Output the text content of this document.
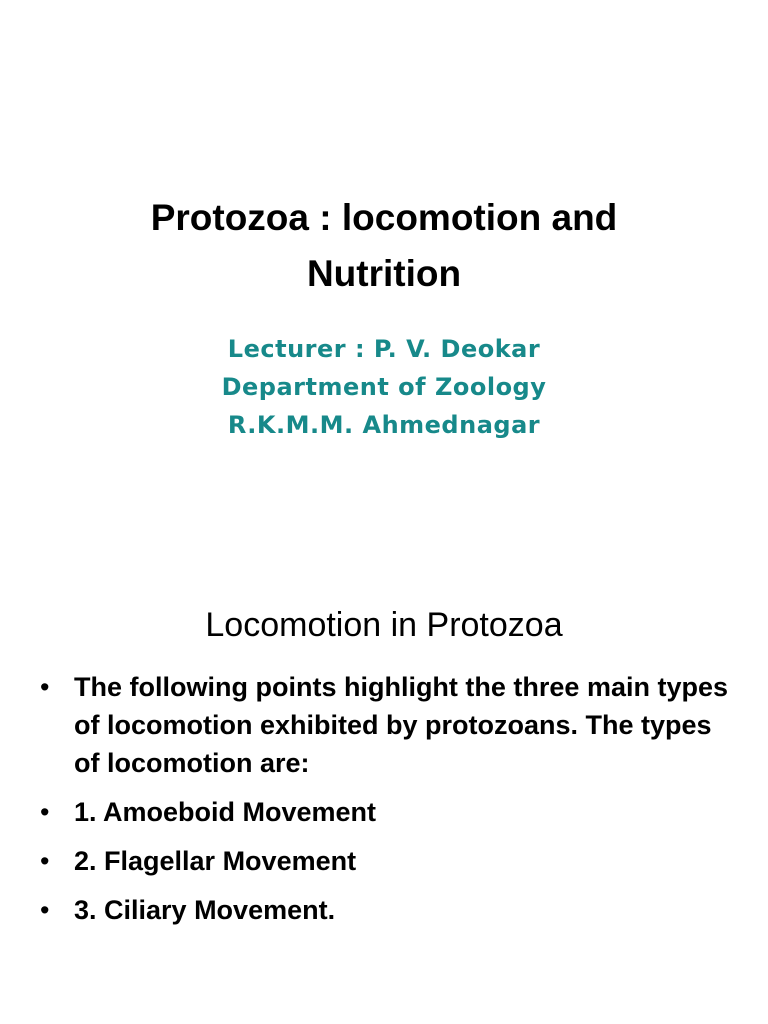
Protozoa : locomotion and
Nutrition
Lecturer : P. V. Deokar
Department of Zoology
R.K.M.M. Ahmednagar
Locomotion in Protozoa
• The following points highlight the three main types of locomotion exhibited by protozoans. The types of locomotion are:
• 1. Amoeboid Movement
• 2. Flagellar Movement
• 3. Ciliary Movement.
